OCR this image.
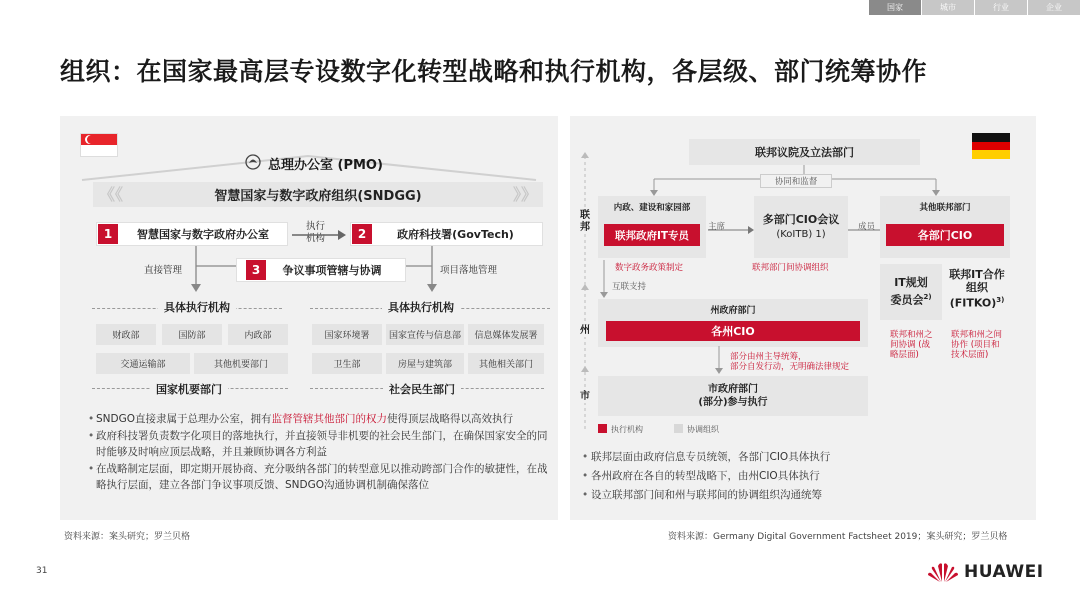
国家	城市	行业	企业
组织：在国家最高层专设数字化转型战略和执行机构，各层级、部门统筹协作
总理办公室 (PMO)
《《	智慧国家与数字政府组织(SNDGG)	》》
智慧国家与数字政府办公室
1
执行
机构	政府科技署(GovTech)
2
直接管理	项目落地管理
争议事项管辖与协调
3
具体执行机构
财政部	国防部	内政部
交通运输部	其他机要部门
国家机要部门
具体执行机构
国家环境署	国家宣传与信息部	信息媒体发展署
卫生部	房屋与建筑部	其他相关部门
社会民生部门
• SNDGO直接隶属于总理办公室，拥有监督管辖其他部门的权力使得顶层战略得以高效执行
• 政府科技署负责数字化项目的落地执行，并直接领导非机要的社会民生部门，在确保国家安全的同时能够及时响应顶层战略，并且兼顾协调各方利益
• 在战略制定层面，即定期开展协商、充分吸纳各部门的转型意见以推动跨部门合作的敏捷性，在战略执行层面，建立各部门争议事项反馈、SNDGO沟通协调机制确保落位
资料来源：案头研究；罗兰贝格
联邦
州
市
联邦议院及立法部门
协同和监督
内政、建设和家园部
联邦政府IT专员
主席	成员
多部门CIO会议
(KoITB) 1)
其他联邦部门
各部门CIO
数字政务政策制定	联邦部门间协调组织
互联支持	IT规划
委员会$^{2)}$
联邦IT合作
组织
(FITKO)$^{3)}$
州政府部门
各州CIO
部分由州主导统筹，
部分自发行动，无明确法律规定
联邦和州之
间协调 (战
略层面)
联邦和州之间
协作 (项目和
技术层面)
市政府部门
(部分)参与执行
执行机构	协调组织
• 联邦层面由政府信息专员统领，各部门CIO具体执行
• 各州政府在各自的转型战略下，由州CIO具体执行
• 设立联邦部门间和州与联邦间的协调组织沟通统筹
资料来源：Germany Digital Government Factsheet 2019；案头研究；罗兰贝格
31	HUAWEI
